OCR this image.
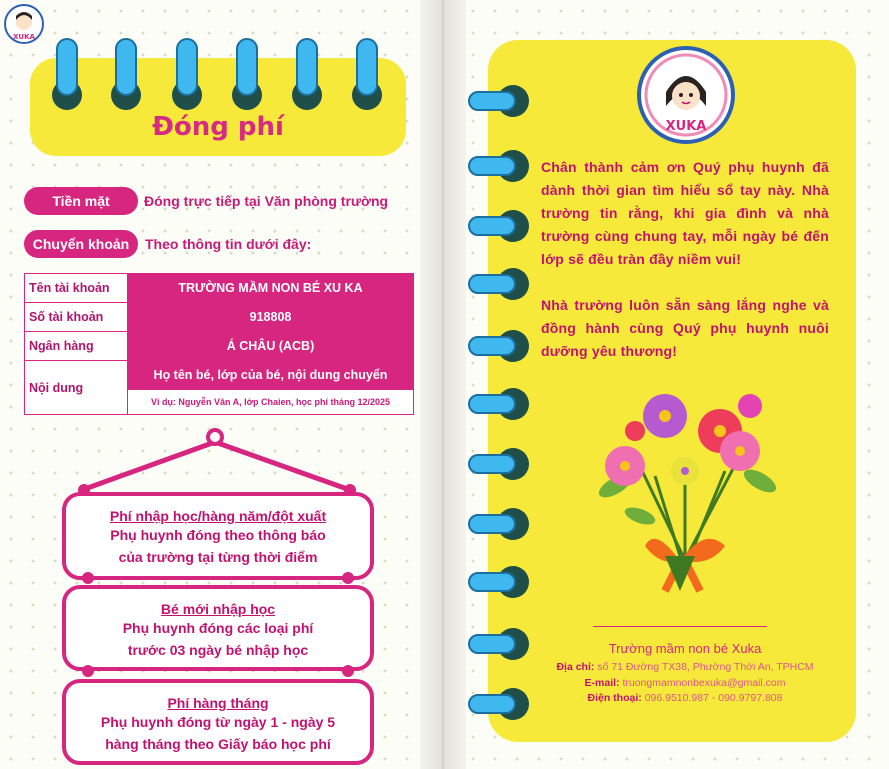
XUKA
Đóng phí
Tiền mặt	Đóng trực tiếp tại Văn phòng trường
Chuyển khoản	Theo thông tin dưới đây:
Tên tài khoản	TRƯỜNG MẦM NON BÉ XU KA
Số tài khoản	918808
Ngân hàng	Á CHÂU (ACB)
Nội dung	Họ tên bé, lớp của bé, nội dung chuyển
	Ví dụ: Nguyễn Văn A, lớp Chaien, học phí tháng 12/2025
Phí nhập học/hàng năm/đột xuất
Phụ huynh đóng theo thông báo
của trường tại từng thời điểm
Bé mới nhập học
Phụ huynh đóng các loại phí
trước 03 ngày bé nhập học
Phí hàng tháng
Phụ huynh đóng từ ngày 1 - ngày 5
hàng tháng theo Giấy báo học phí
XUKA
Chân thành cảm ơn Quý phụ huynh đã dành thời gian tìm hiểu sổ tay này. Nhà trường tin rằng, khi gia đình và nhà trường cùng chung tay, mỗi ngày bé đến lớp sẽ đều tràn đầy niềm vui!
Nhà trường luôn sẵn sàng lắng nghe và đồng hành cùng Quý phụ huynh nuôi dưỡng yêu thương!
Trường mầm non bé Xuka
Địa chỉ: số 71 Đường TX38, Phường Thới An, TPHCM
E-mail: truongmamnonbexuka@gmail.com
Điện thoại: 096.9510.987 - 090.9797.808
